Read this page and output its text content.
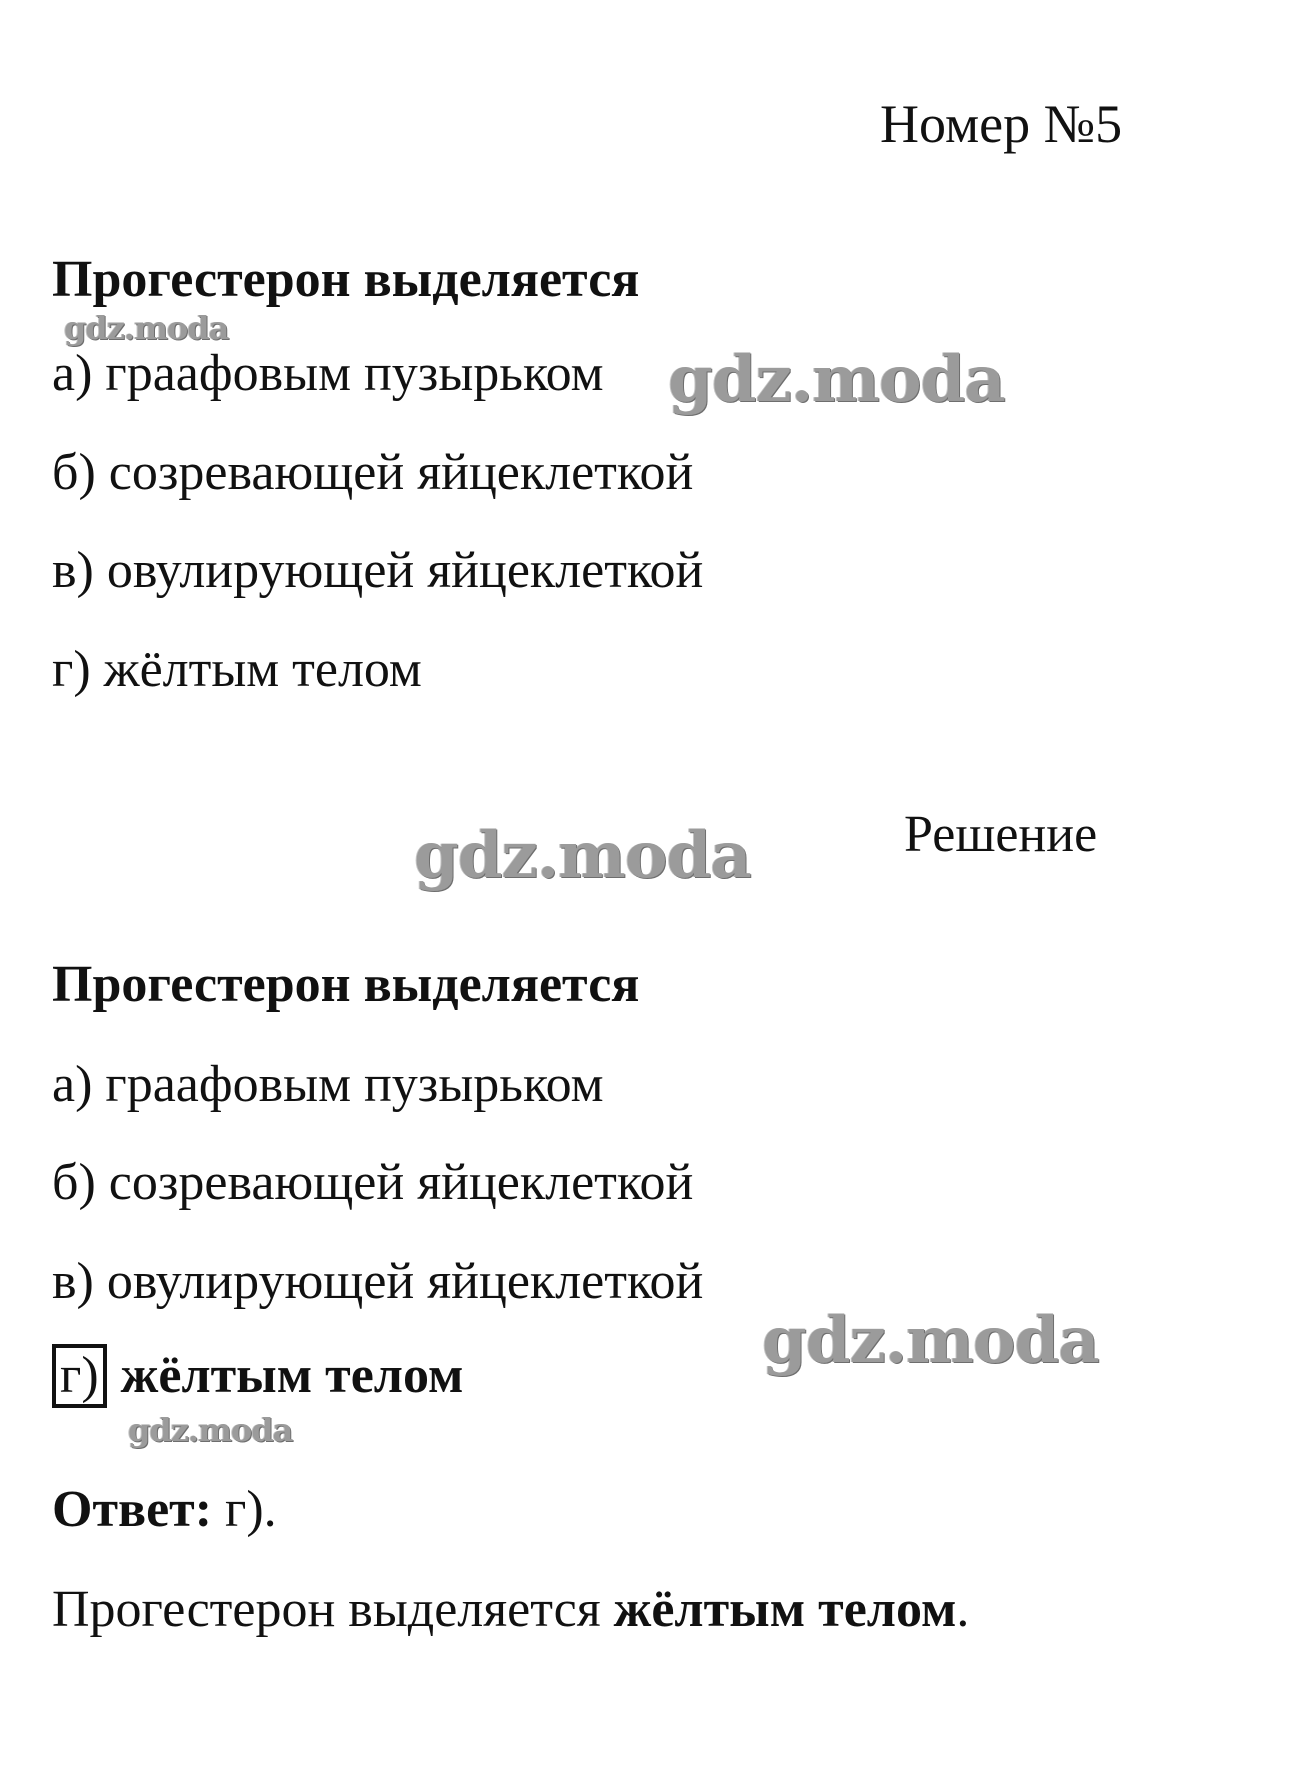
Номер №5
Прогестерон выделяется
gdz.moda
а) граафовым пузырьком gdz.moda
б) созревающей яйцеклеткой
в) овулирующей яйцеклеткой
г) жёлтым телом
Решение
gdz.moda
Прогестерон выделяется
а) граафовым пузырьком
б) созревающей яйцеклеткой
в) овулирующей яйцеклеткой
gdz.moda
г) жёлтым телом
gdz.moda
Ответ: г).
Прогестерон выделяется жёлтым телом.
